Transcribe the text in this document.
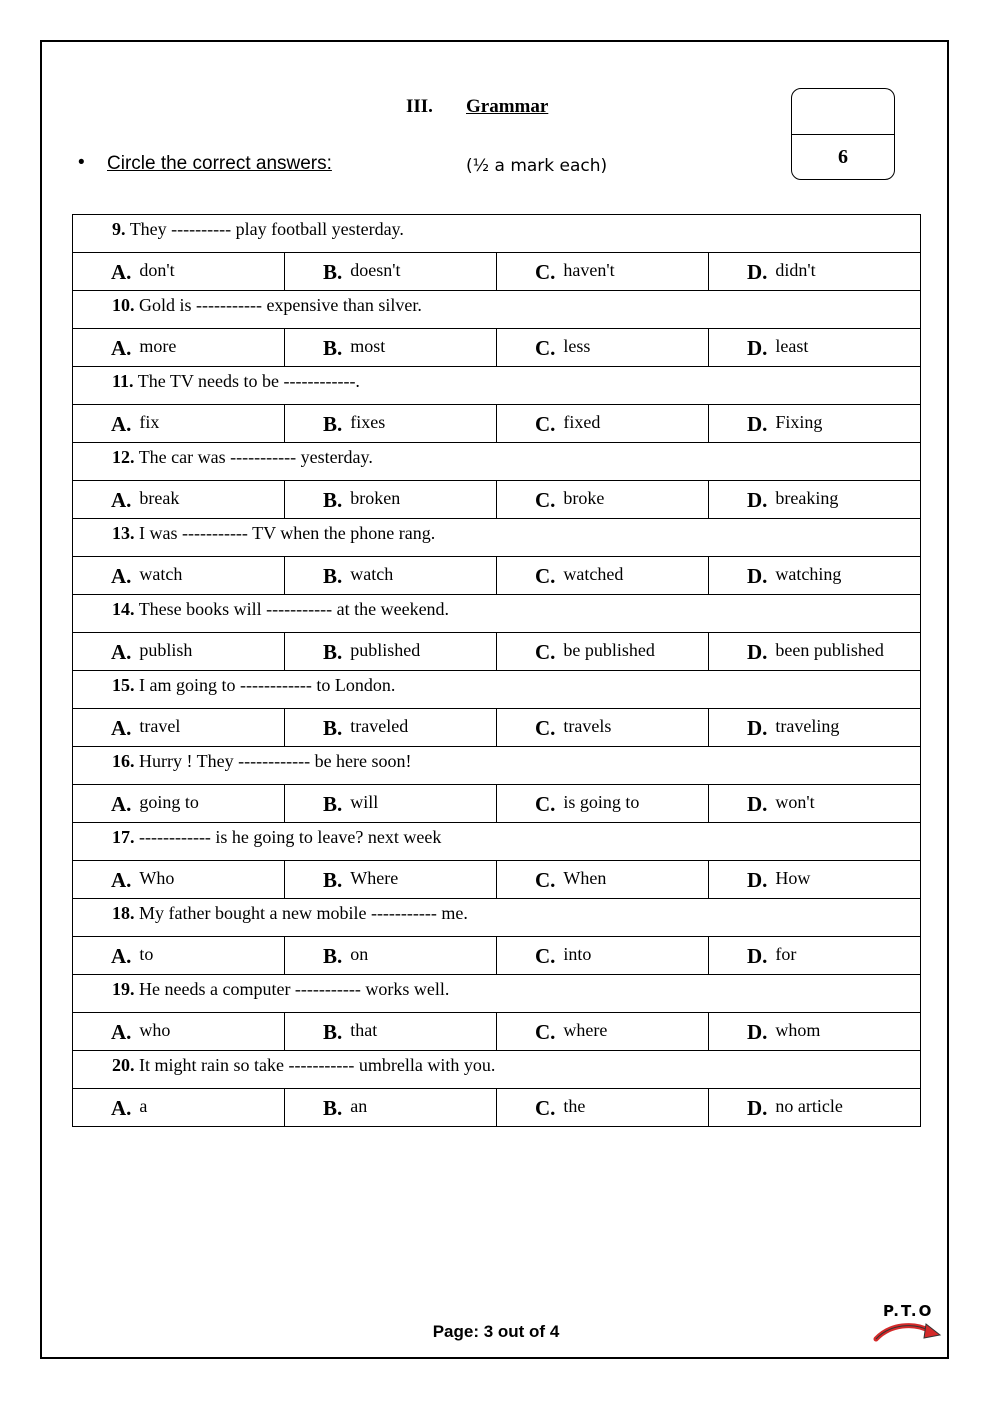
III. Grammar
• Circle the correct answers:	(½ a mark each)	6
9. They ---------- play football yesterday.			
A. don't	B. doesn't	C. haven't	D. didn't
10. Gold is ----------- expensive than silver.			
A. more	B. most	C. less	D. least
11. The TV needs to be ------------.			
A. fix	B. fixes	C. fixed	D. Fixing
12. The car was ----------- yesterday.			
A. break	B. broken	C. broke	D. breaking
13. I was ----------- TV when the phone rang.			
A. watch	B. watch	C. watched	D. watching
14. These books will ----------- at the weekend.			
A. publish	B. published	C. be published	D. been published
15. I am going to ------------ to London.			
A. travel	B. traveled	C. travels	D. traveling
16. Hurry ! They ------------ be here soon!			
A. going to	B. will	C. is going to	D. won't
17. ------------ is he going to leave? next week			
A. Who	B. Where	C. When	D. How
18. My father bought a new mobile ----------- me.			
A. to	B. on	C. into	D. for
19. He needs a computer ----------- works well.			
A. who	B. that	C. where	D. whom
20. It might rain so take ----------- umbrella with you.			
A. a	B. an	C. the	D. no article
Page: 3 out of 4
P.T.O
